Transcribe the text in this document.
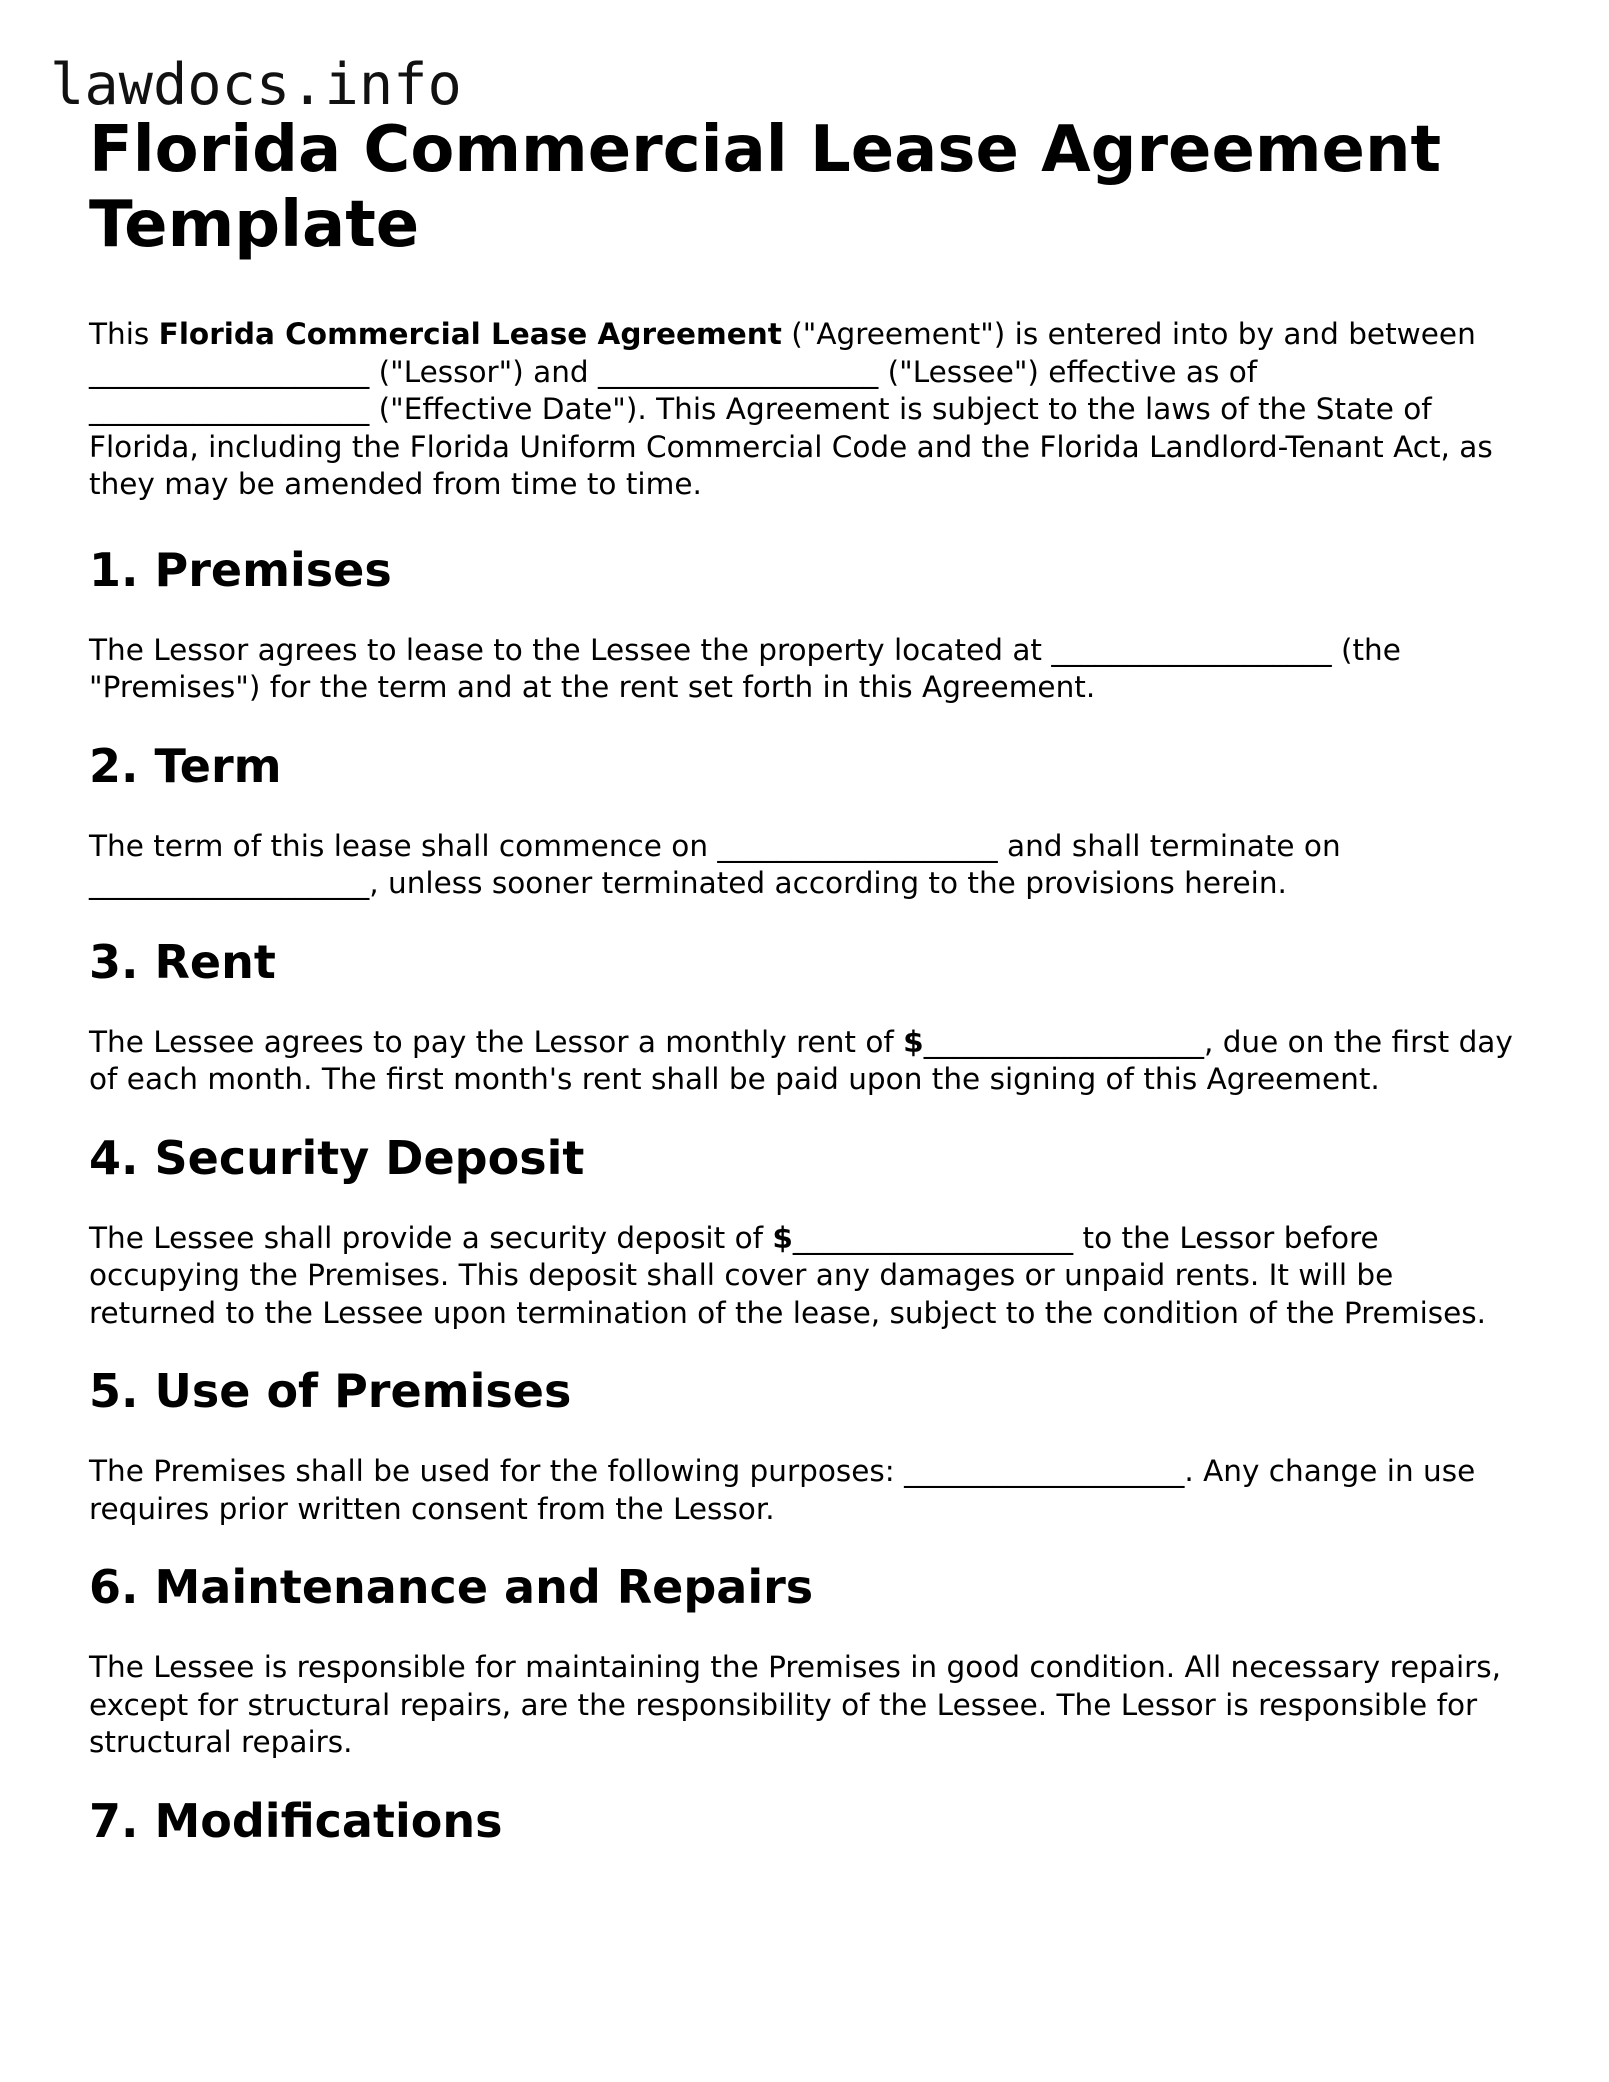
lawdocs.info
Florida Commercial Lease Agreement Template

This Florida Commercial Lease Agreement ("Agreement") is entered into by and between ___________________ ("Lessor") and ___________________ ("Lessee") effective as of ___________________ ("Effective Date"). This Agreement is subject to the laws of the State of Florida, including the Florida Uniform Commercial Code and the Florida Landlord-Tenant Act, as they may be amended from time to time.

1. Premises

The Lessor agrees to lease to the Lessee the property located at ___________________ (the "Premises") for the term and at the rent set forth in this Agreement.

2. Term

The term of this lease shall commence on ___________________ and shall terminate on ___________________, unless sooner terminated according to the provisions herein.

3. Rent

The Lessee agrees to pay the Lessor a monthly rent of $___________________, due on the first day of each month. The first month's rent shall be paid upon the signing of this Agreement.

4. Security Deposit

The Lessee shall provide a security deposit of $___________________ to the Lessor before occupying the Premises. This deposit shall cover any damages or unpaid rents. It will be returned to the Lessee upon termination of the lease, subject to the condition of the Premises.

5. Use of Premises

The Premises shall be used for the following purposes: ___________________. Any change in use requires prior written consent from the Lessor.

6. Maintenance and Repairs

The Lessee is responsible for maintaining the Premises in good condition. All necessary repairs, except for structural repairs, are the responsibility of the Lessee. The Lessor is responsible for structural repairs.

7. Modifications
